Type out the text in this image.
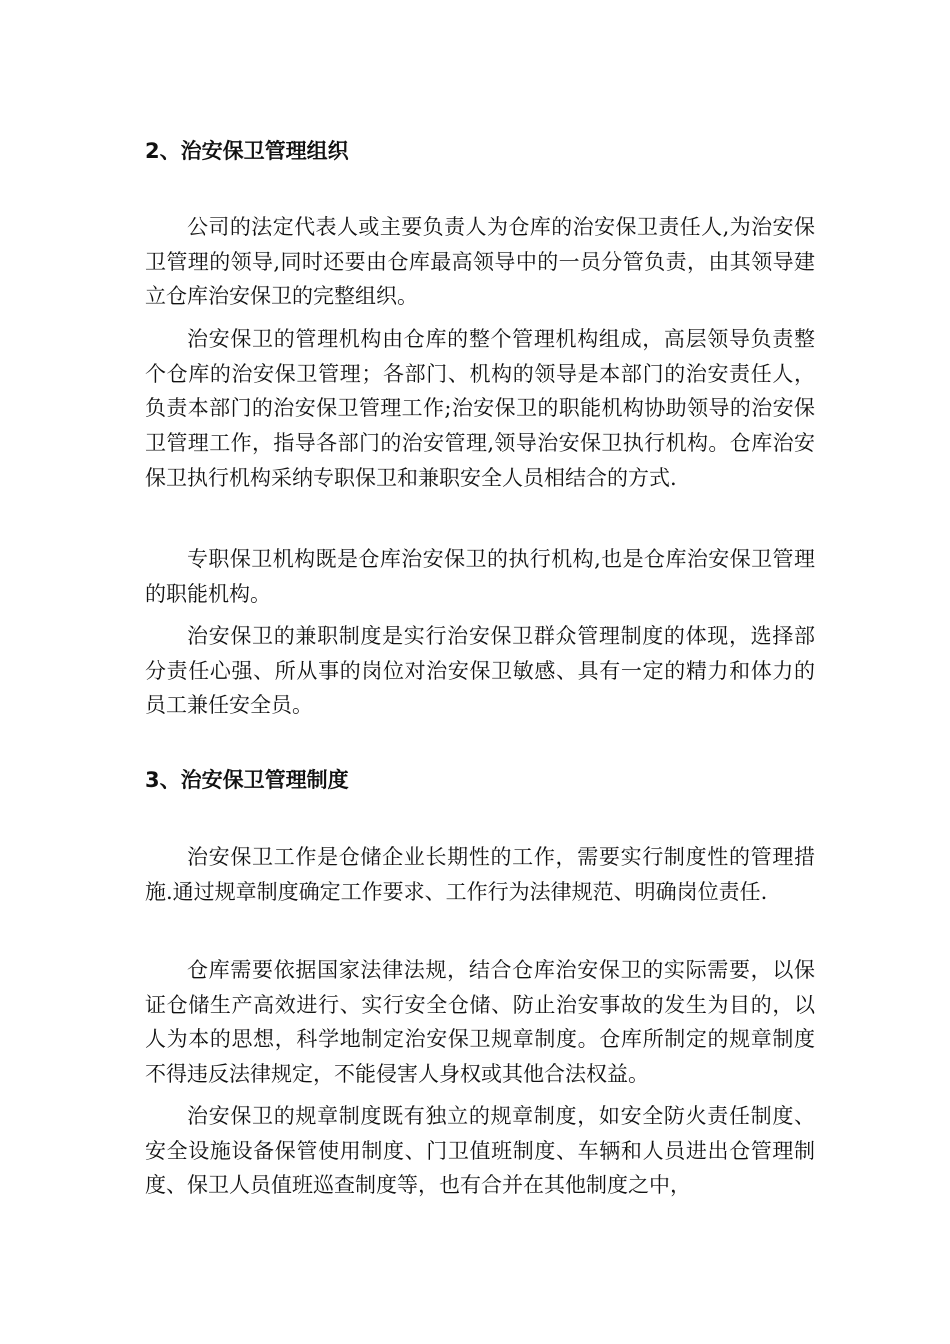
2、治安保卫管理组织

公司的法定代表人或主要负责人为仓库的治安保卫责任人,为治安保卫管理的领导,同时还要由仓库最高领导中的一员分管负责，由其领导建立仓库治安保卫的完整组织。

治安保卫的管理机构由仓库的整个管理机构组成，高层领导负责整个仓库的治安保卫管理；各部门、机构的领导是本部门的治安责任人，负责本部门的治安保卫管理工作;治安保卫的职能机构协助领导的治安保卫管理工作，指导各部门的治安管理,领导治安保卫执行机构。仓库治安保卫执行机构采纳专职保卫和兼职安全人员相结合的方式.

专职保卫机构既是仓库治安保卫的执行机构,也是仓库治安保卫管理的职能机构。

治安保卫的兼职制度是实行治安保卫群众管理制度的体现，选择部分责任心强、所从事的岗位对治安保卫敏感、具有一定的精力和体力的员工兼任安全员。

3、治安保卫管理制度

治安保卫工作是仓储企业长期性的工作，需要实行制度性的管理措施.通过规章制度确定工作要求、工作行为法律规范、明确岗位责任.

仓库需要依据国家法律法规，结合仓库治安保卫的实际需要，以保证仓储生产高效进行、实行安全仓储、防止治安事故的发生为目的，以人为本的思想，科学地制定治安保卫规章制度。仓库所制定的规章制度不得违反法律规定，不能侵害人身权或其他合法权益。

治安保卫的规章制度既有独立的规章制度，如安全防火责任制度、安全设施设备保管使用制度、门卫值班制度、车辆和人员进出仓管理制度、保卫人员值班巡查制度等，也有合并在其他制度之中，
